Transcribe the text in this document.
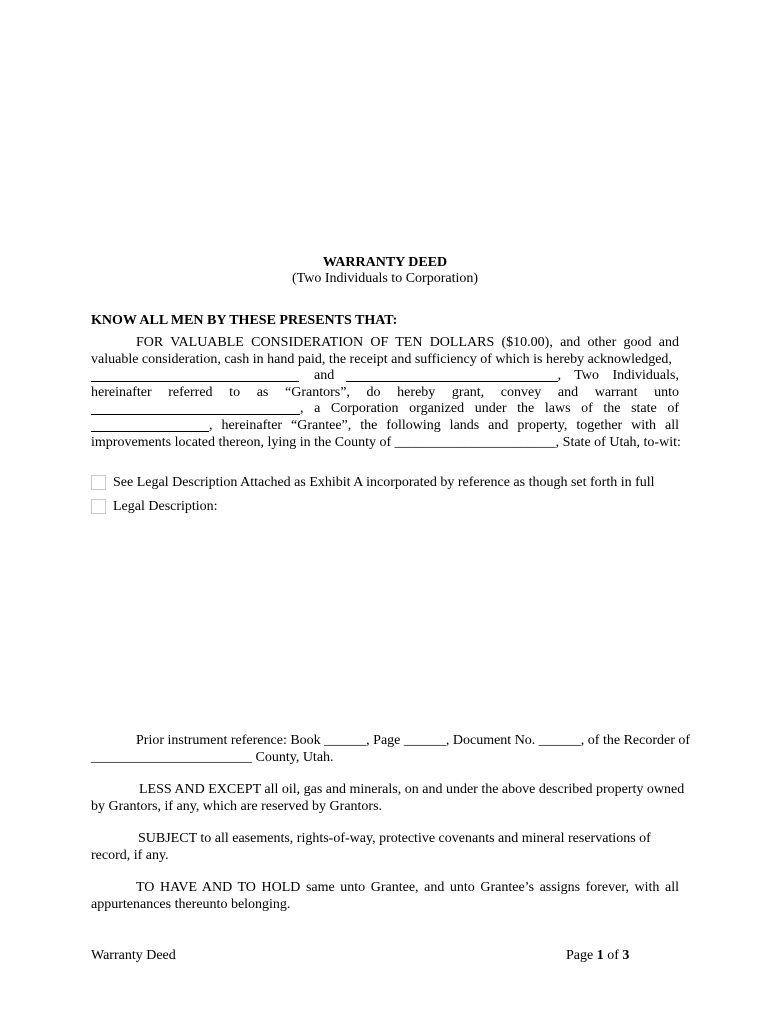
WARRANTY DEED
(Two Individuals to Corporation)
KNOW ALL MEN BY THESE PRESENTS THAT:
FOR VALUABLE CONSIDERATION OF TEN DOLLARS ($10.00), and other good and
valuable consideration, cash in hand paid, the receipt and sufficiency of which is hereby acknowledged,
and	, Two Individuals,
hereinafter referred to as “Grantors”, do hereby grant, convey and warrant unto
, a Corporation organized under the laws of the state of
, hereinafter “Grantee”, the following lands and property, together with all
improvements located thereon, lying in the County of _______________________, State of Utah, to-wit:
See Legal Description Attached as Exhibit A incorporated by reference as though set forth in full
Legal Description:
Prior instrument reference: Book ______, Page ______, Document No. ______, of the Recorder of
_______________________ County, Utah.
LESS AND EXCEPT all oil, gas and minerals, on and under the above described property owned
by Grantors, if any, which are reserved by Grantors.
SUBJECT to all easements, rights-of-way, protective covenants and mineral reservations of
record, if any.
TO HAVE AND TO HOLD same unto Grantee, and unto Grantee’s assigns forever, with all
appurtenances thereunto belonging.
Warranty Deed	Page 1 of 3
